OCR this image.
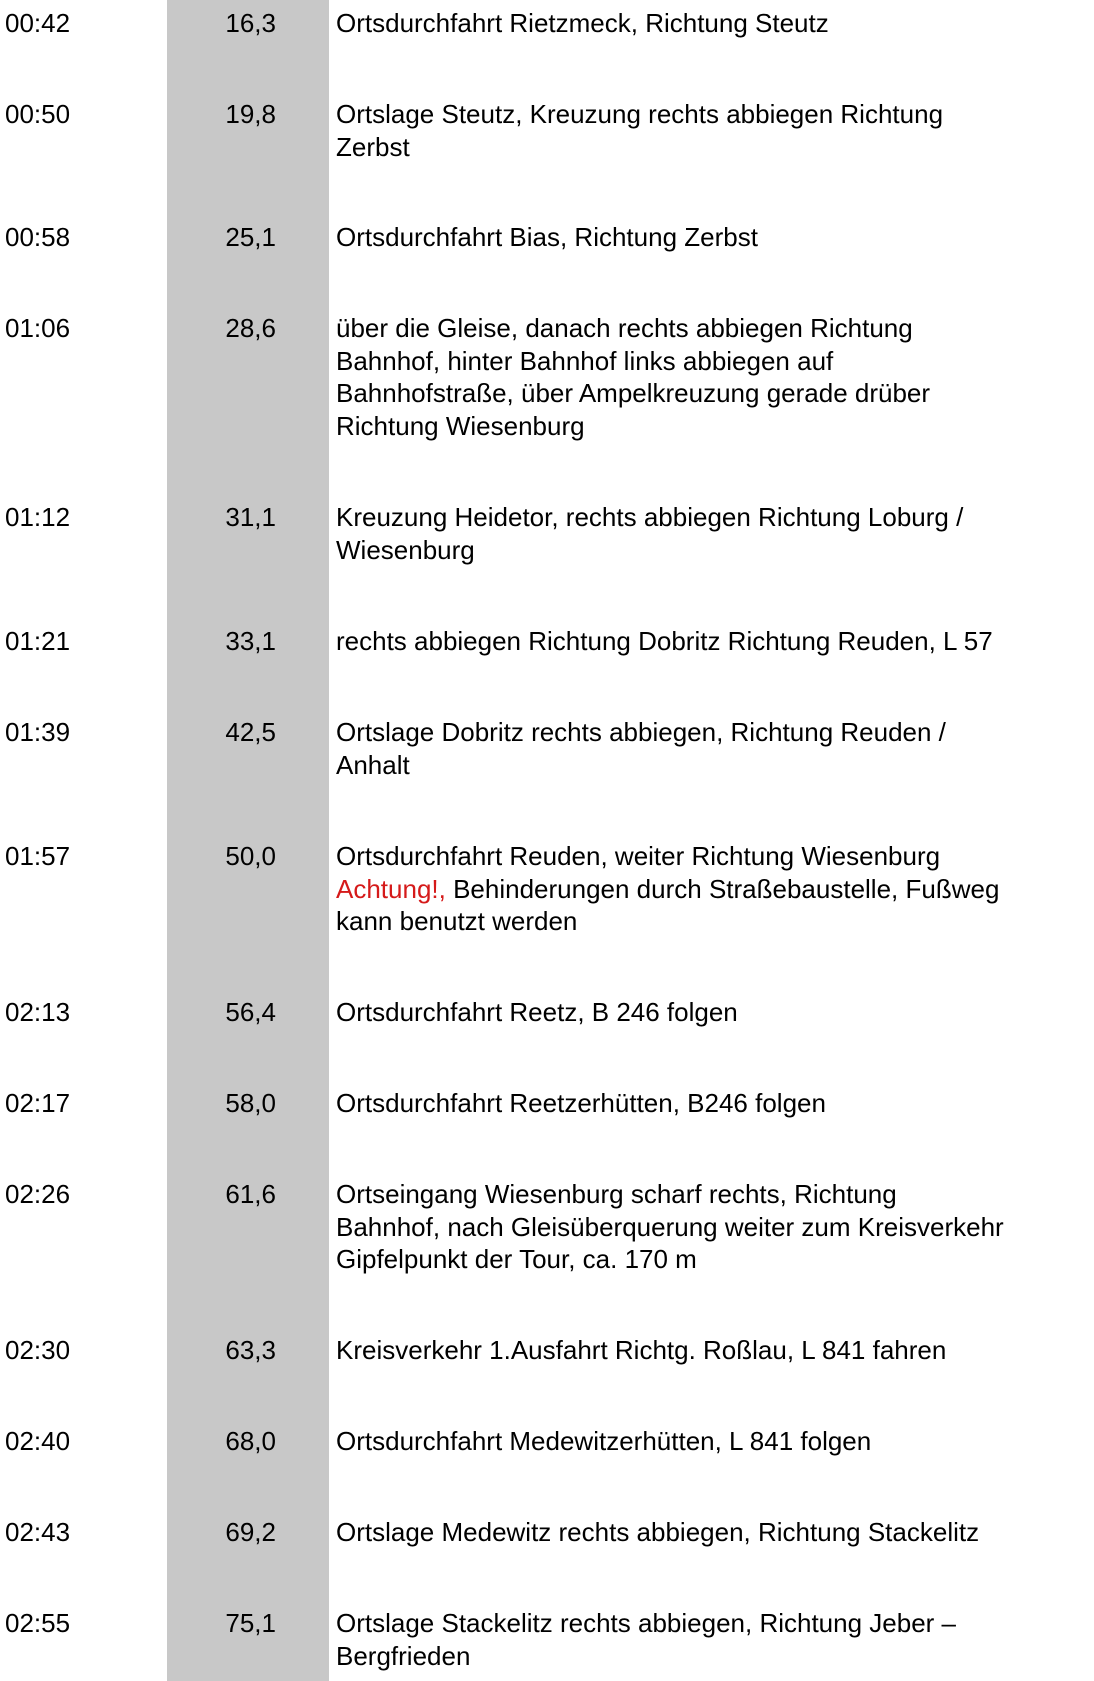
00:42	16,3 Ortsdurchfahrt Rietzmeck, Richtung Steutz
00:50	19,8 Ortslage Steutz, Kreuzung rechts abbiegen Richtung
Zerbst
00:58	25,1 Ortsdurchfahrt Bias, Richtung Zerbst
01:06	28,6 über die Gleise, danach rechts abbiegen Richtung
Bahnhof, hinter Bahnhof links abbiegen auf
Bahnhofstraße, über Ampelkreuzung gerade drüber
Richtung Wiesenburg
01:12	31,1 Kreuzung Heidetor, rechts abbiegen Richtung Loburg /
Wiesenburg
01:21	33,1 rechts abbiegen Richtung Dobritz Richtung Reuden, L 57
01:39	42,5 Ortslage Dobritz rechts abbiegen, Richtung Reuden /
Anhalt
01:57	50,0 Ortsdurchfahrt Reuden, weiter Richtung Wiesenburg
Achtung!, Behinderungen durch Straßebaustelle, Fußweg
kann benutzt werden
02:13	56,4 Ortsdurchfahrt Reetz, B 246 folgen
02:17	58,0 Ortsdurchfahrt Reetzerhütten, B246 folgen
02:26	61,6 Ortseingang Wiesenburg scharf rechts, Richtung
Bahnhof, nach Gleisüberquerung weiter zum Kreisverkehr
Gipfelpunkt der Tour, ca. 170 m
02:30	63,3 Kreisverkehr 1.Ausfahrt Richtg. Roßlau, L 841 fahren
02:40	68,0 Ortsdurchfahrt Medewitzerhütten, L 841 folgen
02:43	69,2 Ortslage Medewitz rechts abbiegen, Richtung Stackelitz
02:55	75,1 Ortslage Stackelitz rechts abbiegen, Richtung Jeber –
Bergfrieden
